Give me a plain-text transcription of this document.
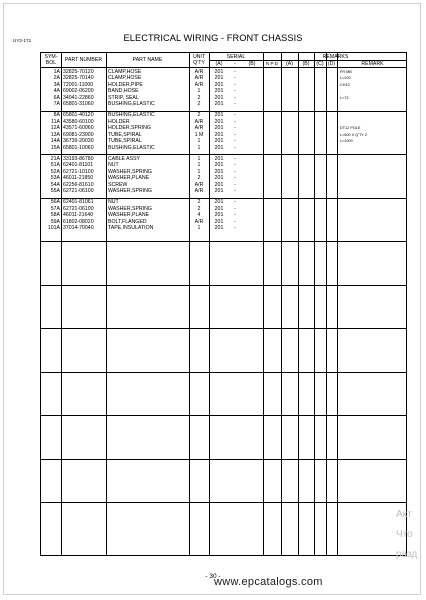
UY2-171	ELECTRICAL WIRING - FRONT CHASSIS
SYM-
BOL	PART NUMBER	PART NAME	UNIT
Q'TY
SERIAL
(A)	-	(B)
REMARKS
N P D	(A)	(B)	(C) (D)	REMARK
1A 32825-70120	CLAMP,HOSE	A/R	201	-	FR MB
2A 32825-70140	CLAMP,HOSE	A/R	201	-	L=202
3A 72001-11000	HOLDER,PIPE	A/R	201	-	CH10
4A 69002-06200	BAND,HOSE	1	201	-
6A 34041-22860	STRIP, SEAL	2	201	-	L=72
7A 65801-31060	BUSHING,ELASTIC	2	201	-
8A 65801-40120	BUSHING,ELASTIC	2	201	-
11A 43580-60100	HOLDER	A/R	201	-
12A 43571-60060	HOLDER,SPRING	A/R	201	-	DT12 POLE
13A 69081-23000	TUBE,SPIRAL	1 M	201	-	L=600 X Q'TY 2
14A 36739-20030	TUBE,SPIRAL	1	201	-	L=1000
15A 65801-10060	BUSHING,ELASTIC	1	201	-
21A 33193-86780	CABLE ASSY	1	201	-
51A 62401-81101	NUT	1	201	-
52A 62721-10100	WASHER,SPRING	1	201	-
53A 46011-21850	WASHER,PLANE	2	201	-
54A 62256-81610	SCREW	A/R	201	-
55A 62721-06100	WASHER,SPRING	A/R	201	-
56A 62401-81061	NUT	2	201	-
57A 62721-06100	WASHER,SPRING	2	201	-
58A 46011-21640	WASHER,PLANE	4	201	-
59A 61802-08020	BOLT,FLANGED	A/R	201	-
101A 37014-70040	TAPE,INSULATION	1	201	-
- 30 -
www.epcatalogs.com
Акт
Что
разд
